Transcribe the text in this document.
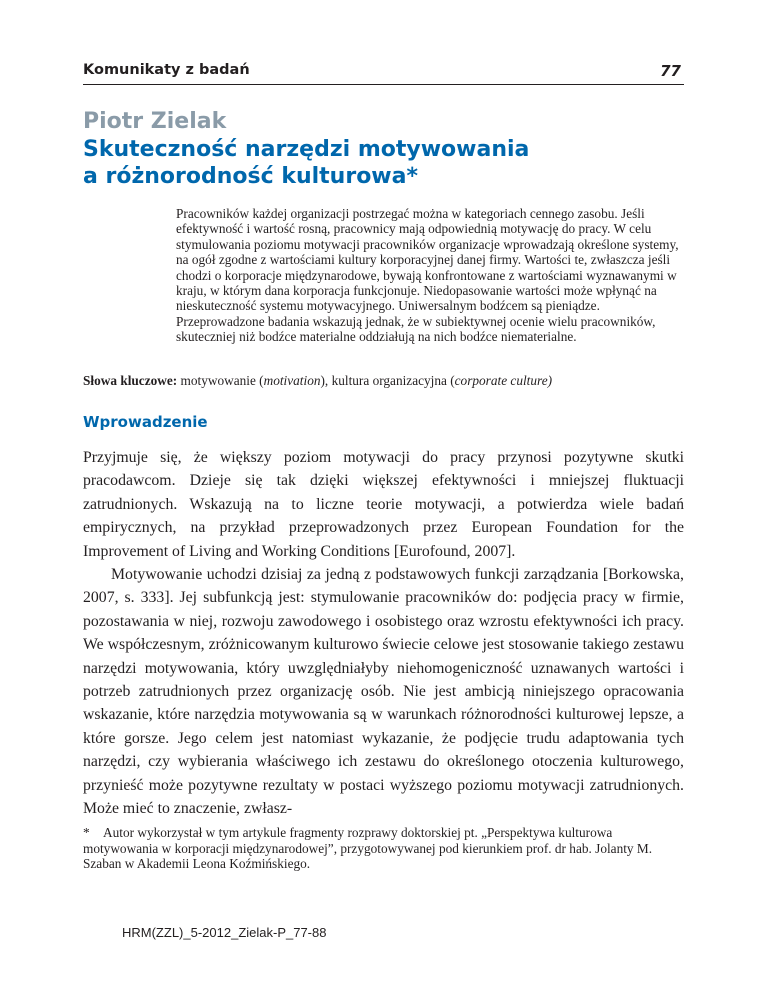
Komunikaty z badań	77
Piotr Zielak
Skuteczność narzędzi motywowania
a różnorodność kulturowa*

Pracowników każdej organizacji postrzegać można w kategoriach cennego zasobu. Jeśli efektywność i wartość rosną, pracownicy mają odpowiednią motywację do pracy. W celu stymulowania poziomu motywacji pracowników organizacje wprowadzają określone systemy, na ogół zgodne z wartościami kultury korporacyjnej danej firmy. Wartości te, zwłaszcza jeśli chodzi o korporacje międzynarodowe, bywają konfrontowane z wartościami wyznawanymi w kraju, w którym dana korporacja funkcjonuje. Niedopasowanie wartości może wpłynąć na nieskuteczność systemu motywacyjnego. Uniwersalnym bodźcem są pieniądze. Przeprowadzone badania wskazują jednak, że w subiektywnej ocenie wielu pracowników, skuteczniej niż bodźce materialne oddziałują na nich bodźce niematerialne.

Słowa kluczowe: motywowanie (motivation), kultura organizacyjna (corporate culture)

Wprowadzenie

Przyjmuje się, że większy poziom motywacji do pracy przynosi pozytywne skutki pracodawcom. Dzieje się tak dzięki większej efektywności i mniejszej fluktuacji zatrudnionych. Wskazują na to liczne teorie motywacji, a potwierdza wiele badań empirycznych, na przykład przeprowadzonych przez European Foundation for the Improvement of Living and Working Conditions [Eurofound, 2007].

Motywowanie uchodzi dzisiaj za jedną z podstawowych funkcji zarządzania [Borkowska, 2007, s. 333]. Jej subfunkcją jest: stymulowanie pracowników do: podjęcia pracy w firmie, pozostawania w niej, rozwoju zawodowego i osobistego oraz wzrostu efektywności ich pracy. We współczesnym, zróżnicowanym kulturowo świecie celowe jest stosowanie takiego zestawu narzędzi motywowania, który uwzględniałyby niehomogeniczność uznawanych wartości i potrzeb zatrudnionych przez organizację osób. Nie jest ambicją niniejszego opracowania wskazanie, które narzędzia motywowania są w warunkach różnorodności kulturowej lepsze, a które gorsze. Jego celem jest natomiast wykazanie, że podjęcie trudu adaptowania tych narzędzi, czy wybierania właściwego ich zestawu do określonego otoczenia kulturowego, przynieść może pozytywne rezultaty w postaci wyższego poziomu motywacji zatrudnionych. Może mieć to znaczenie, zwłasz-

* Autor wykorzystał w tym artykule fragmenty rozprawy doktorskiej pt. „Perspektywa kulturowa motywowania w korporacji międzynarodowej”, przygotowywanej pod kierunkiem prof. dr hab. Jolanty M. Szaban w Akademii Leona Koźmińskiego.

HRM(ZZL)_5-2012_Zielak-P_77-88
